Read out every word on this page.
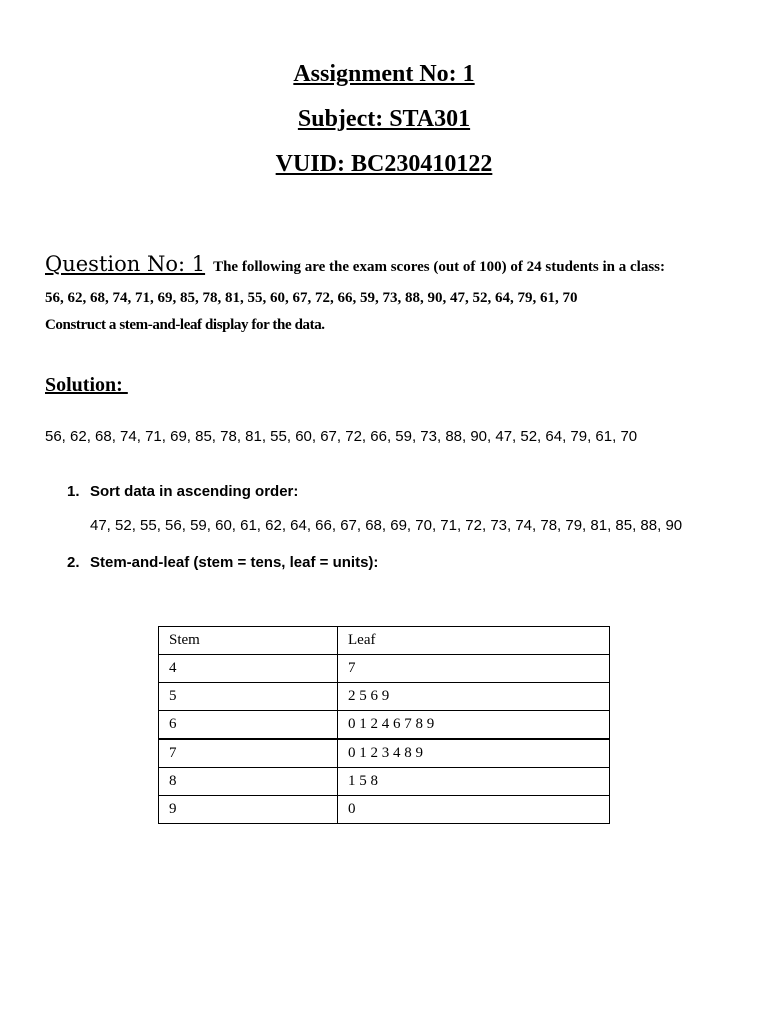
Assignment No: 1
Subject: STA301
VUID: BC230410122
Question No: 1 The following are the exam scores (out of 100) of 24 students in a class:
56, 62, 68, 74, 71, 69, 85, 78, 81, 55, 60, 67, 72, 66, 59, 73, 88, 90, 47, 52, 64, 79, 61, 70
Construct a stem-and-leaf display for the data.
Solution:
56, 62, 68, 74, 71, 69, 85, 78, 81, 55, 60, 67, 72, 66, 59, 73, 88, 90, 47, 52, 64, 79, 61, 70
1. Sort data in ascending order:
47, 52, 55, 56, 59, 60, 61, 62, 64, 66, 67, 68, 69, 70, 71, 72, 73, 74, 78, 79, 81, 85, 88, 90
2. Stem-and-leaf (stem = tens, leaf = units):
Stem	Leaf
4	7
5	2 5 6 9
6	0 1 2 4 6 7 8 9
7	0 1 2 3 4 8 9
8	1 5 8
9	0
